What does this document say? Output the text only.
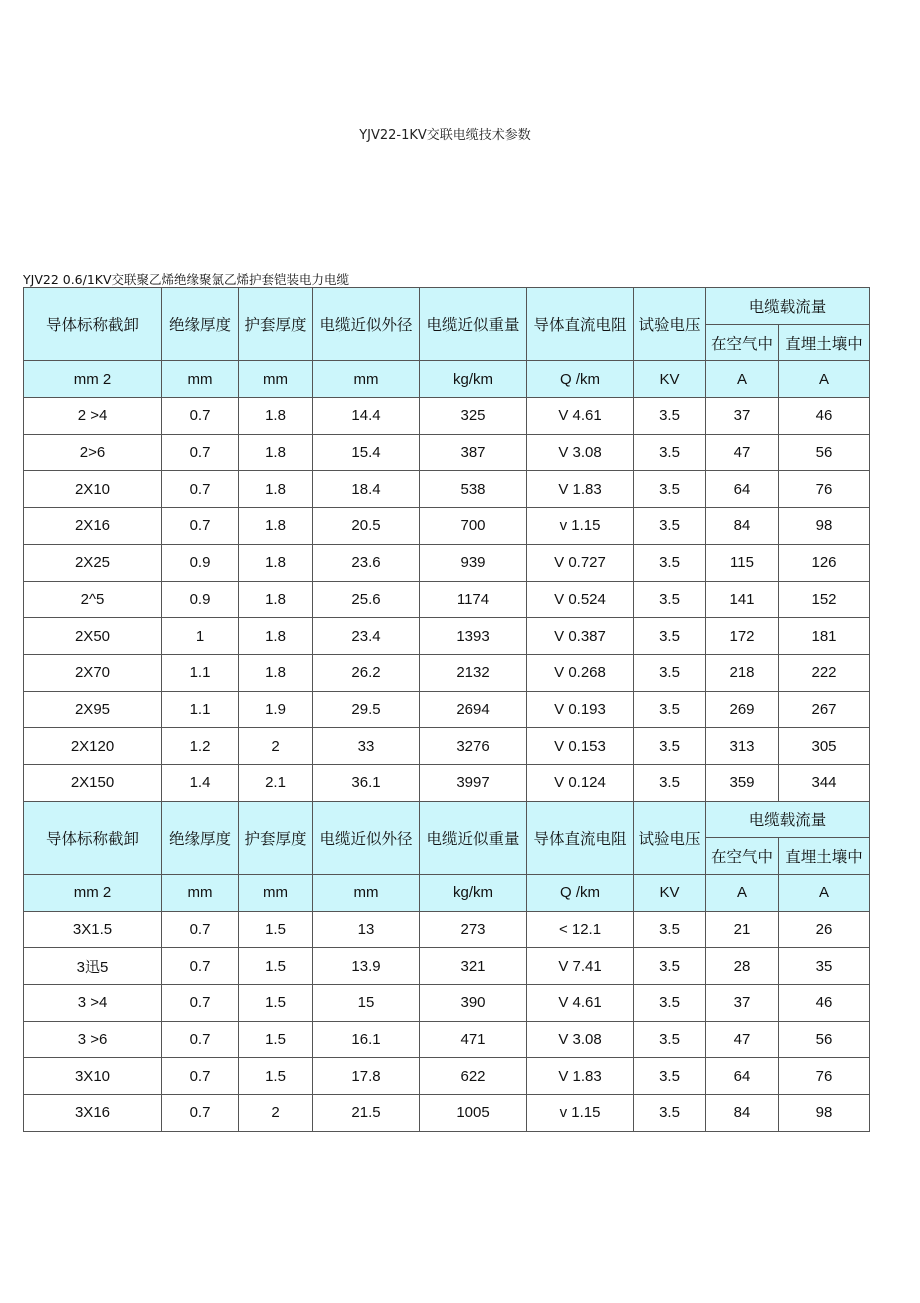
YJV22-1KV交联电缆技术参数
YJV22 0.6/1KV交联聚乙烯绝缘聚氯乙烯护套铠装电力电缆
导体标称截卸	绝缘厚度	护套厚度	电缆近似外径	电缆近似重量	导体直流电阻	试验电压	电缆载流量	
							在空气中	直埋土壤中
mm 2	mm	mm	mm	kg/km	Q /km	KV	A	A
2 >4	0.7	1.8	14.4	325	V 4.61	3.5	37	46
2>6	0.7	1.8	15.4	387	V 3.08	3.5	47	56
2X10	0.7	1.8	18.4	538	V 1.83	3.5	64	76
2X16	0.7	1.8	20.5	700	v 1.15	3.5	84	98
2X25	0.9	1.8	23.6	939	V 0.727	3.5	115	126
2^5	0.9	1.8	25.6	1174	V 0.524	3.5	141	152
2X50	1	1.8	23.4	1393	V 0.387	3.5	172	181
2X70	1.1	1.8	26.2	2132	V 0.268	3.5	218	222
2X95	1.1	1.9	29.5	2694	V 0.193	3.5	269	267
2X120	1.2	2	33	3276	V 0.153	3.5	313	305
2X150	1.4	2.1	36.1	3997	V 0.124	3.5	359	344
导体标称截卸	绝缘厚度	护套厚度	电缆近似外径	电缆近似重量	导体直流电阻	试验电压	电缆载流量	
							在空气中	直埋土壤中
mm 2	mm	mm	mm	kg/km	Q /km	KV	A	A
3X1.5	0.7	1.5	13	273	< 12.1	3.5	21	26
3迅5	0.7	1.5	13.9	321	V 7.41	3.5	28	35
3 >4	0.7	1.5	15	390	V 4.61	3.5	37	46
3 >6	0.7	1.5	16.1	471	V 3.08	3.5	47	56
3X10	0.7	1.5	17.8	622	V 1.83	3.5	64	76
3X16	0.7	2	21.5	1005	v 1.15	3.5	84	98
